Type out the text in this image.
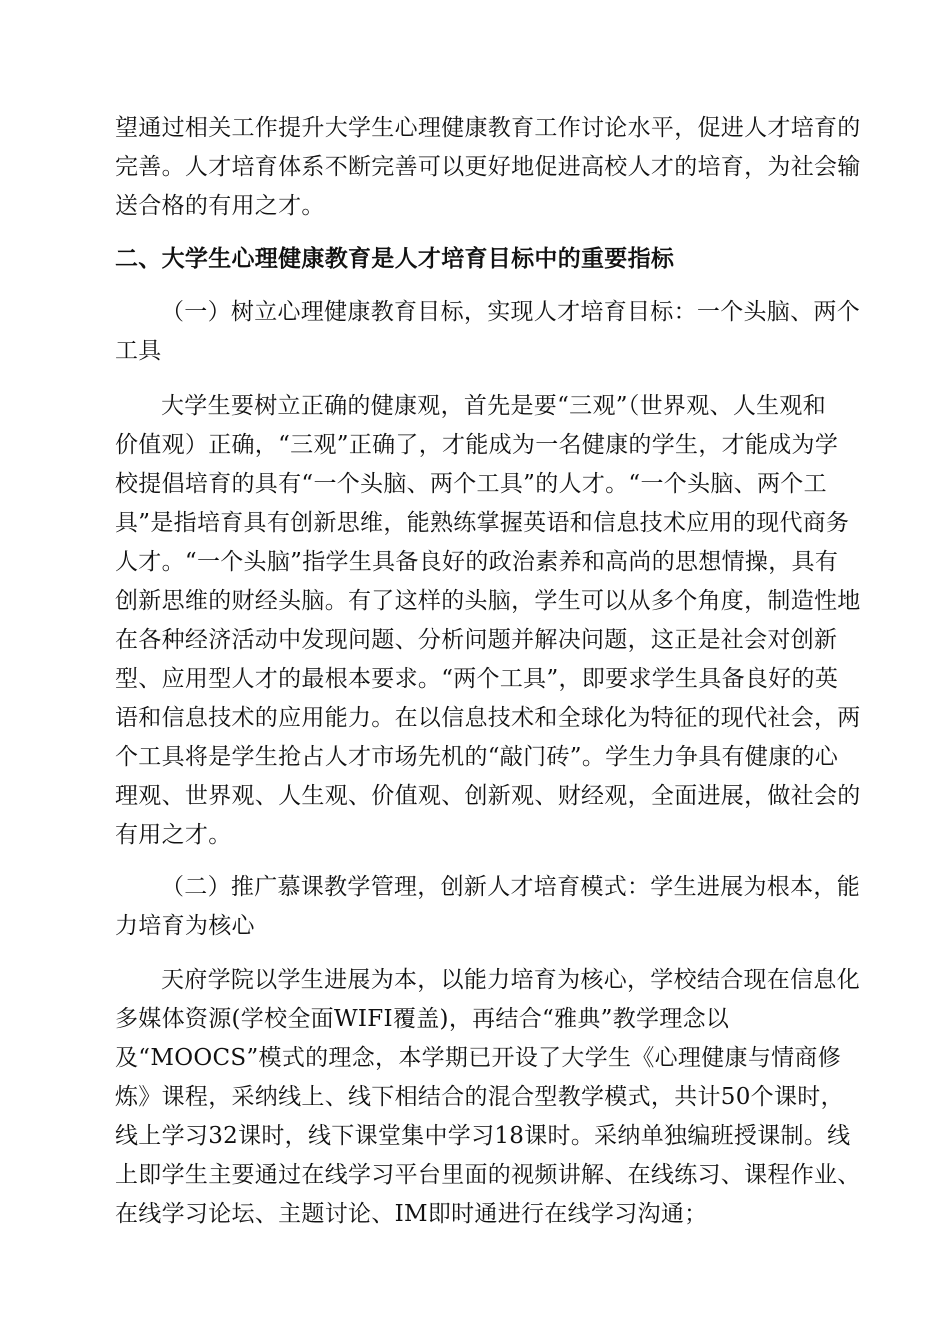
望通过相关工作提升大学生心理健康教育工作讨论水平，促进人才培育的
完善。人才培育体系不断完善可以更好地促进高校人才的培育，为社会输
送合格的有用之才。
二、大学生心理健康教育是人才培育目标中的重要指标
（一）树立心理健康教育目标，实现人才培育目标：一个头脑、两个
工具
大学生要树立正确的健康观，首先是要“三观”（世界观、人生观和
价值观）正确，“三观”正确了，才能成为一名健康的学生，才能成为学
校提倡培育的具有“一个头脑、两个工具”的人才。“一个头脑、两个工
具”是指培育具有创新思维，能熟练掌握英语和信息技术应用的现代商务
人才。“一个头脑”指学生具备良好的政治素养和高尚的思想情操，具有
创新思维的财经头脑。有了这样的头脑，学生可以从多个角度，制造性地
在各种经济活动中发现问题、分析问题并解决问题，这正是社会对创新
型、应用型人才的最根本要求。“两个工具”，即要求学生具备良好的英
语和信息技术的应用能力。在以信息技术和全球化为特征的现代社会，两
个工具将是学生抢占人才市场先机的“敲门砖”。学生力争具有健康的心
理观、世界观、人生观、价值观、创新观、财经观，全面进展，做社会的
有用之才。
（二）推广慕课教学管理，创新人才培育模式：学生进展为根本，能
力培育为核心
天府学院以学生进展为本，以能力培育为核心，学校结合现在信息化
多媒体资源(学校全面WIFI覆盖)，再结合“雅典”教学理念以
及“MOOCS”模式的理念，本学期已开设了大学生《心理健康与情商修
炼》课程，采纳线上、线下相结合的混合型教学模式，共计50个课时，
线上学习32课时，线下课堂集中学习18课时。采纳单独编班授课制。线
上即学生主要通过在线学习平台里面的视频讲解、在线练习、课程作业、
在线学习论坛、主题讨论、IM即时通进行在线学习沟通；
